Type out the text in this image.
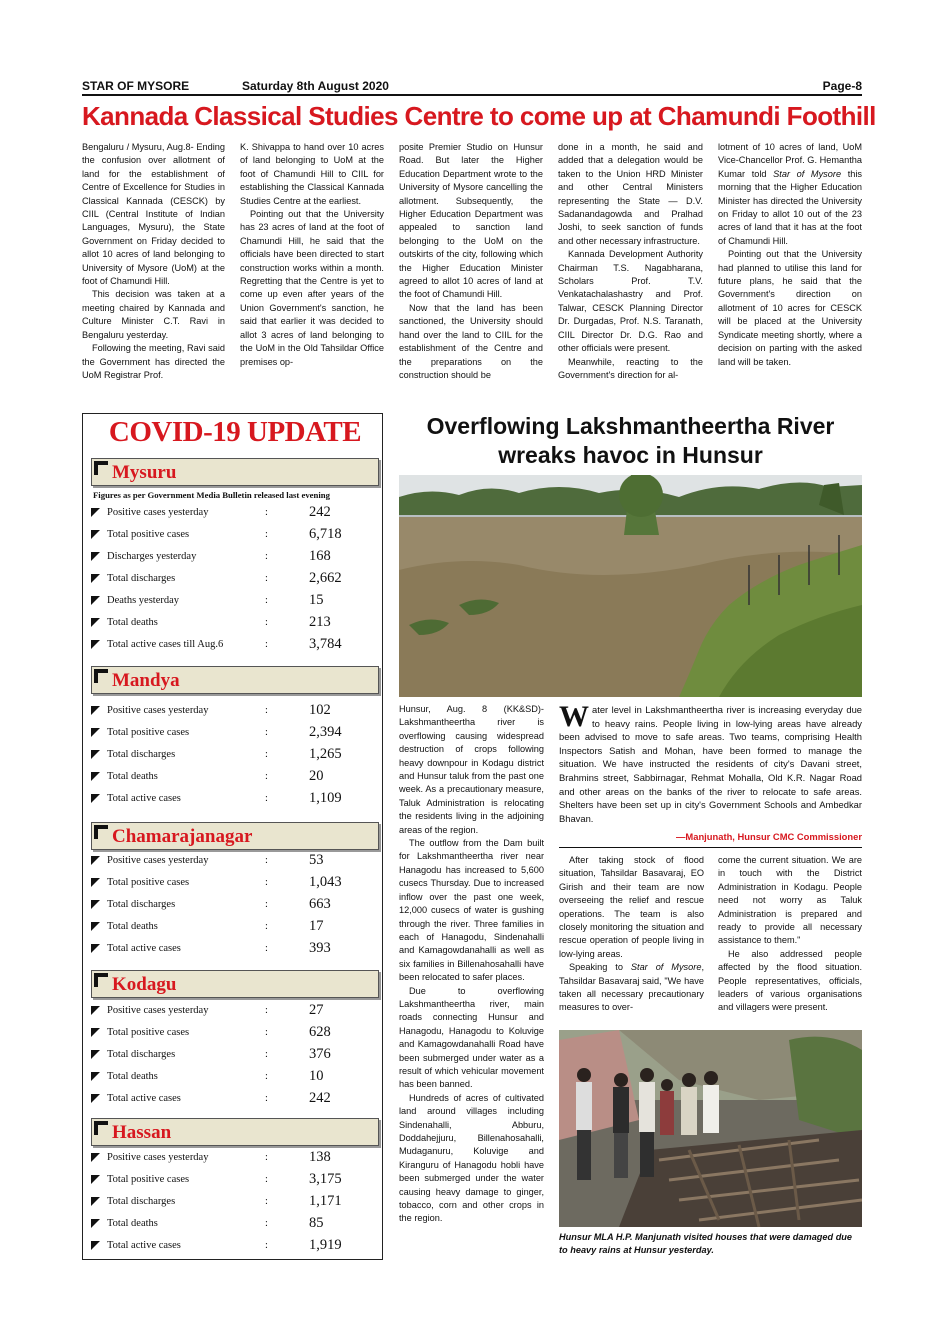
STAR OF MYSORE	Saturday 8th August 2020	Page-8
Kannada Classical Studies Centre to come up at Chamundi Foothill

Bengaluru / Mysuru, Aug.8- Ending the confusion over allotment of land for the establishment of Centre of Excellence for Studies in Classical Kannada (CESCK) by CIIL (Central Institute of Indian Languages, Mysuru), the State Government on Friday decided to allot 10 acres of land belonging to University of Mysore (UoM) at the foot of Chamundi Hill.

This decision was taken at a meeting chaired by Kannada and Culture Minister C.T. Ravi in Bengaluru yesterday.

Following the meeting, Ravi said the Government has directed the UoM Registrar Prof.

K. Shivappa to hand over 10 acres of land belonging to UoM at the foot of Chamundi Hill to CIIL for establishing the Classical Kannada Studies Centre at the earliest.

Pointing out that the University has 23 acres of land at the foot of Chamundi Hill, he said that the officials have been directed to start construction works within a month. Regretting that the Centre is yet to come up even after years of the Union Government's sanction, he said that earlier it was decided to allot 3 acres of land belonging to the UoM in the Old Tahsildar Office premises op-

posite Premier Studio on Hunsur Road. But later the Higher Education Department wrote to the University of Mysore cancelling the allotment. Subsequently, the Higher Education Department was appealed to sanction land belonging to the UoM on the outskirts of the city, following which the Higher Education Minister agreed to allot 10 acres of land at the foot of Chamundi Hill.

Now that the land has been sanctioned, the University should hand over the land to CIIL for the establishment of the Centre and the preparations on the construction should be

done in a month, he said and added that a delegation would be taken to the Union HRD Minister and other Central Ministers representing the State — D.V. Sadanandagowda and Pralhad Joshi, to seek sanction of funds and other necessary infrastructure.

Kannada Development Authority Chairman T.S. Nagabharana, Scholars Prof. T.V. Venkatachalashastry and Prof. Talwar, CESCK Planning Director Dr. Durgadas, Prof. N.S. Taranath, CIIL Director Dr. D.G. Rao and other officials were present.

Meanwhile, reacting to the Government's direction for al-

lotment of 10 acres of land, UoM Vice-Chancellor Prof. G. Hemantha Kumar told Star of Mysore this morning that the Higher Education Minister has directed the University on Friday to allot 10 out of the 23 acres of land that it has at the foot of Chamundi Hill.

Pointing out that the University had planned to utilise this land for future plans, he said that the Government's direction on allotment of 10 acres for CESCK will be placed at the University Syndicate meeting shortly, where a decision on parting with the asked land will be taken.

COVID-19 UPDATE
Mysuru
Figures as per Government Media Bulletin released last evening
Positive cases yesterday	:	242
Total positive cases	:	6,718
Discharges yesterday	:	168
Total discharges	:	2,662
Deaths yesterday	:	15
Total deaths	:	213
Total active cases till Aug.6	:	3,784
Mandya
Positive cases yesterday	:	102
Total positive cases	:	2,394
Total discharges	:	1,265
Total deaths	:	20
Total active cases	:	1,109
Chamarajanagar
Positive cases yesterday	:	53
Total positive cases	:	1,043
Total discharges	:	663
Total deaths	:	17
Total active cases	:	393
Kodagu
Positive cases yesterday	:	27
Total positive cases	:	628
Total discharges	:	376
Total deaths	:	10
Total active cases	:	242
Hassan
Positive cases yesterday	:	138
Total positive cases	:	3,175
Total discharges	:	1,171
Total deaths	:	85
Total active cases	:	1,919
Overflowing Lakshmantheertha River
wreaks havoc in Hunsur

Hunsur, Aug. 8 (KK&SD)- Lakshmantheertha river is overflowing causing widespread destruction of crops following heavy downpour in Kodagu district and Hunsur taluk from the past one week. As a precautionary measure, Taluk Administration is relocating the residents living in the adjoining areas of the region.

The outflow from the Dam built for Lakshmantheertha river near Hanagodu has increased to 5,600 cusecs Thursday. Due to increased inflow over the past one week, 12,000 cusecs of water is gushing through the river. Three families in each of Hanagodu, Sindenahalli and Kamagowdanahalli as well as six families in Billenahosahalli have been relocated to safer places.

Due to overflowing Lakshmantheertha river, main roads connecting Hunsur and Hanagodu, Hanagodu to Koluvige and Kamagowdanahalli Road have been submerged under water as a result of which vehicular movement has been banned.

Hundreds of acres of cultivated land around villages including Sindenahalli, Abburu, Doddahejjuru, Billenahosahalli, Mudaganuru, Koluvige and Kiranguru of Hanagodu hobli have been submerged under the water causing heavy damage to ginger, tobacco, corn and other crops in the region.

Water level in Lakshmantheertha river is increasing everyday due to heavy rains. People living in low-lying areas have already been advised to move to safe areas. Two teams, comprising Health Inspectors Satish and Mohan, have been formed to manage the situation. We have instructed the residents of city's Davani street, Brahmins street, Sabbirnagar, Rehmat Mohalla, Old K.R. Nagar Road and other areas on the banks of the river to relocate to safe areas. Shelters have been set up in city's Government Schools and Ambedkar Bhavan.
—Manjunath, Hunsur CMC Commissioner

After taking stock of flood situation, Tahsildar Basavaraj, EO Girish and their team are now overseeing the relief and rescue operations. The team is also closely monitoring the situation and rescue operation of people living in low-lying areas.

Speaking to Star of Mysore, Tahsildar Basavaraj said, "We have taken all necessary precautionary measures to over-

come the current situation. We are in touch with the District Administration in Kodagu. People need not worry as Taluk Administration is prepared and ready to provide all necessary assistance to them."

He also addressed people affected by the flood situation. People representatives, officials, leaders of various organisations and villagers were present.

Hunsur MLA H.P. Manjunath visited houses that were damaged due to heavy rains at Hunsur yesterday.
